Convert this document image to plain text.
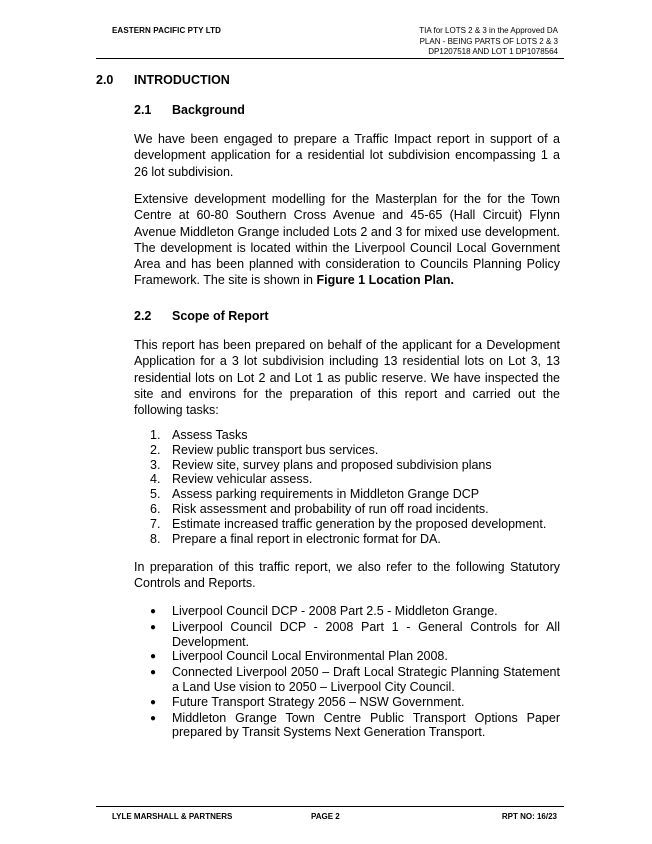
EASTERN PACIFIC PTY LTD	TIA for LOTS 2 & 3 in the Approved DA
PLAN - BEING PARTS OF LOTS 2 & 3
DP1207518 AND LOT 1 DP1078564
2.0 INTRODUCTION
2.1 Background

We have been engaged to prepare a Traffic Impact report in support of a development application for a residential lot subdivision encompassing 1 a 26 lot subdivision.

Extensive development modelling for the Masterplan for the for the Town Centre at 60-80 Southern Cross Avenue and 45-65 (Hall Circuit) Flynn Avenue Middleton Grange included Lots 2 and 3 for mixed use development. The development is located within the Liverpool Council Local Government Area and has been planned with consideration to Councils Planning Policy Framework. The site is shown in Figure 1 Location Plan.

2.2 Scope of Report

This report has been prepared on behalf of the applicant for a Development Application for a 3 lot subdivision including 13 residential lots on Lot 3, 13 residential lots on Lot 2 and Lot 1 as public reserve. We have inspected the site and environs for the preparation of this report and carried out the following tasks:

1. Assess Tasks
2. Review public transport bus services.
3. Review site, survey plans and proposed subdivision plans
4. Review vehicular assess.
5. Assess parking requirements in Middleton Grange DCP
6. Risk assessment and probability of run off road incidents.
7. Estimate increased traffic generation by the proposed development.
8. Prepare a final report in electronic format for DA.

In preparation of this traffic report, we also refer to the following Statutory Controls and Reports.

●	Liverpool Council DCP - 2008 Part 2.5 - Middleton Grange.
●	Liverpool Council DCP - 2008 Part 1 - General Controls for All Development.
●	Liverpool Council Local Environmental Plan 2008.
●	Connected Liverpool 2050 – Draft Local Strategic Planning Statement a Land Use vision to 2050 – Liverpool City Council.
●	Future Transport Strategy 2056 – NSW Government.
●	Middleton Grange Town Centre Public Transport Options Paper prepared by Transit Systems Next Generation Transport.
LYLE MARSHALL & PARTNERS	PAGE 2	RPT NO: 16/23
